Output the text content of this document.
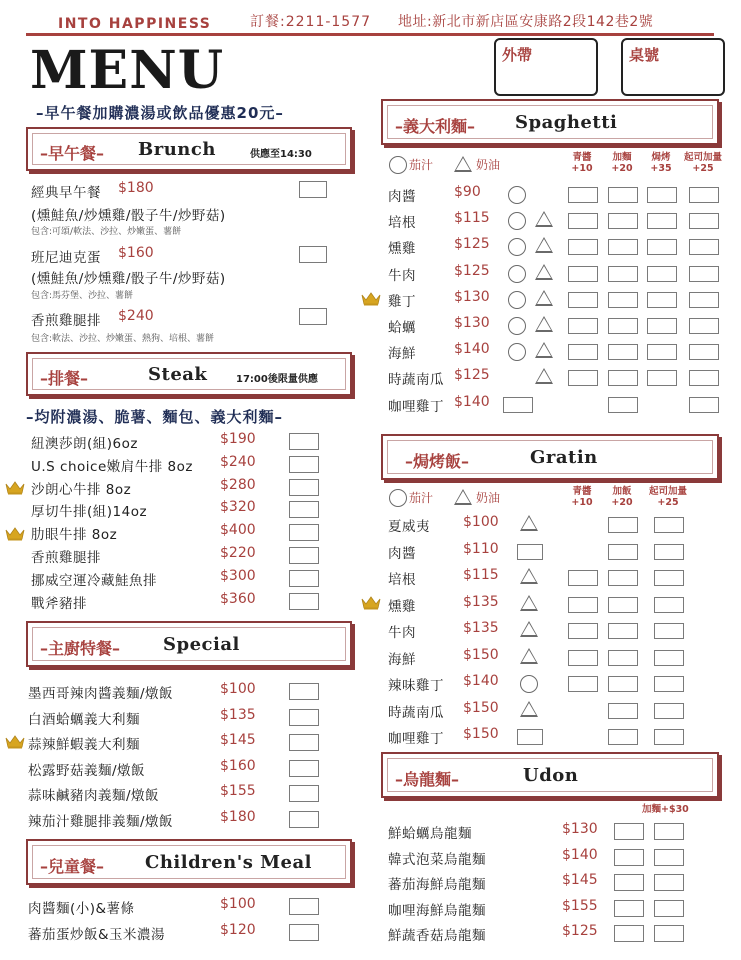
INTO HAPPINESS	訂餐:2211-1577 地址:新北市新店區安康路2段142巷2號
MENU	外帶	桌號
–早午餐加購濃湯或飲品優惠20元–
–早午餐– Brunch	供應至14:30
經典早午餐 $180
(燻鮭魚/炒燻雞/骰子牛/炒野菇)
包含:可頌/軟法、沙拉、炒嫩蛋、薯餅
班尼迪克蛋 $160
(燻鮭魚/炒燻雞/骰子牛/炒野菇)
包含:馬芬堡、沙拉、薯餅
香煎雞腿排 $240
包含:軟法、沙拉、炒嫩蛋、熱狗、培根、薯餅
–排餐–	Steak	17:00後限量供應
–均附濃湯、脆薯、麵包、義大利麵–
–主廚特餐– Special
–兒童餐– Children's Meal
–義大利麵– Spaghetti
茄汁	奶油
–焗烤飯–	Gratin
茄汁	奶油
–烏龍麵–	Udon
加麵+$30
紐澳莎朗(組)6oz	$190
U.S choice嫩肩牛排 8oz $240
沙朗心牛排 8oz	$280
厚切牛排(組)14oz	$320
肋眼牛排 8oz	$400
香煎雞腿排	$220
挪威空運冷藏鮭魚排	$300
戰斧豬排	$360
墨西哥辣肉醬義麵/燉飯	$100
白酒蛤蠣義大利麵	$135
蒜辣鮮蝦義大利麵	$145
松露野菇義麵/燉飯	$160
蒜味鹹豬肉義麵/燉飯	$155
辣茄汁雞腿排義麵/燉飯	$180
肉醬麵(小)&薯條	$100
蕃茄蛋炒飯&玉米濃湯	$120
青醬
+10
加麵
+20
焗烤
+35
起司加量
+25
肉醬	$90
培根	$115
燻雞	$125
牛肉	$125
雞丁	$130
蛤蠣	$130
海鮮	$140
時蔬南瓜 $125
咖哩雞丁 $140
青醬
+10
加飯
+20
起司加量
+25
夏威夷 $100
肉醬	$110
培根	$115
燻雞	$135
牛肉	$135
海鮮	$150
辣味雞丁 $140
時蔬南瓜 $150
咖哩雞丁 $150
鮮蛤蠣烏龍麵	$130
韓式泡菜烏龍麵	$140
蕃茄海鮮烏龍麵	$145
咖哩海鮮烏龍麵	$155
鮮蔬香菇烏龍麵	$125
